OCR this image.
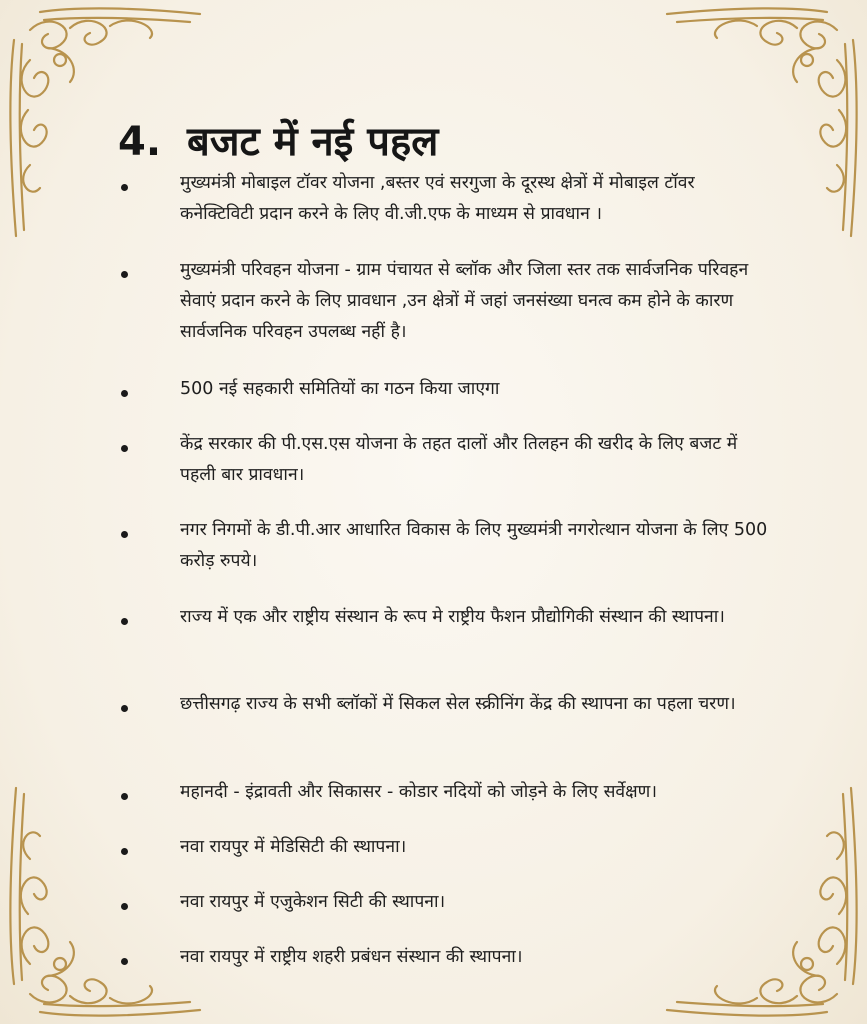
4. बजट में नई पहल
मुख्यमंत्री मोबाइल टॉवर योजना ,बस्तर एवं सरगुजा के दूरस्थ क्षेत्रों में मोबाइल टॉवर कनेक्टिविटी प्रदान करने के लिए वी.जी.एफ के माध्यम से प्रावधान ।
मुख्यमंत्री परिवहन योजना - ग्राम पंचायत से ब्लॉक और जिला स्तर तक सार्वजनिक परिवहन सेवाएं प्रदान करने के लिए प्रावधान ,उन क्षेत्रों में जहां जनसंख्या घनत्व कम होने के कारण सार्वजनिक परिवहन उपलब्ध नहीं है।
500 नई सहकारी समितियों का गठन किया जाएगा
केंद्र सरकार की पी.एस.एस योजना के तहत दालों और तिलहन की खरीद के लिए बजट में पहली बार प्रावधान।
नगर निगमों के डी.पी.आर आधारित विकास के लिए मुख्यमंत्री नगरोत्थान योजना के लिए 500 करोड़ रुपये।
राज्य में एक और राष्ट्रीय संस्थान के रूप मे राष्ट्रीय फैशन प्रौद्योगिकी संस्थान की स्थापना।
छत्तीसगढ़ राज्य के सभी ब्लॉकों में सिकल सेल स्क्रीनिंग केंद्र की स्थापना का पहला चरण।
महानदी - इंद्रावती और सिकासर - कोडार नदियों को जोड़ने के लिए सर्वेक्षण।
नवा रायपुर में मेडिसिटी की स्थापना।
नवा रायपुर में एजुकेशन सिटी की स्थापना।
नवा रायपुर में राष्ट्रीय शहरी प्रबंधन संस्थान की स्थापना।
